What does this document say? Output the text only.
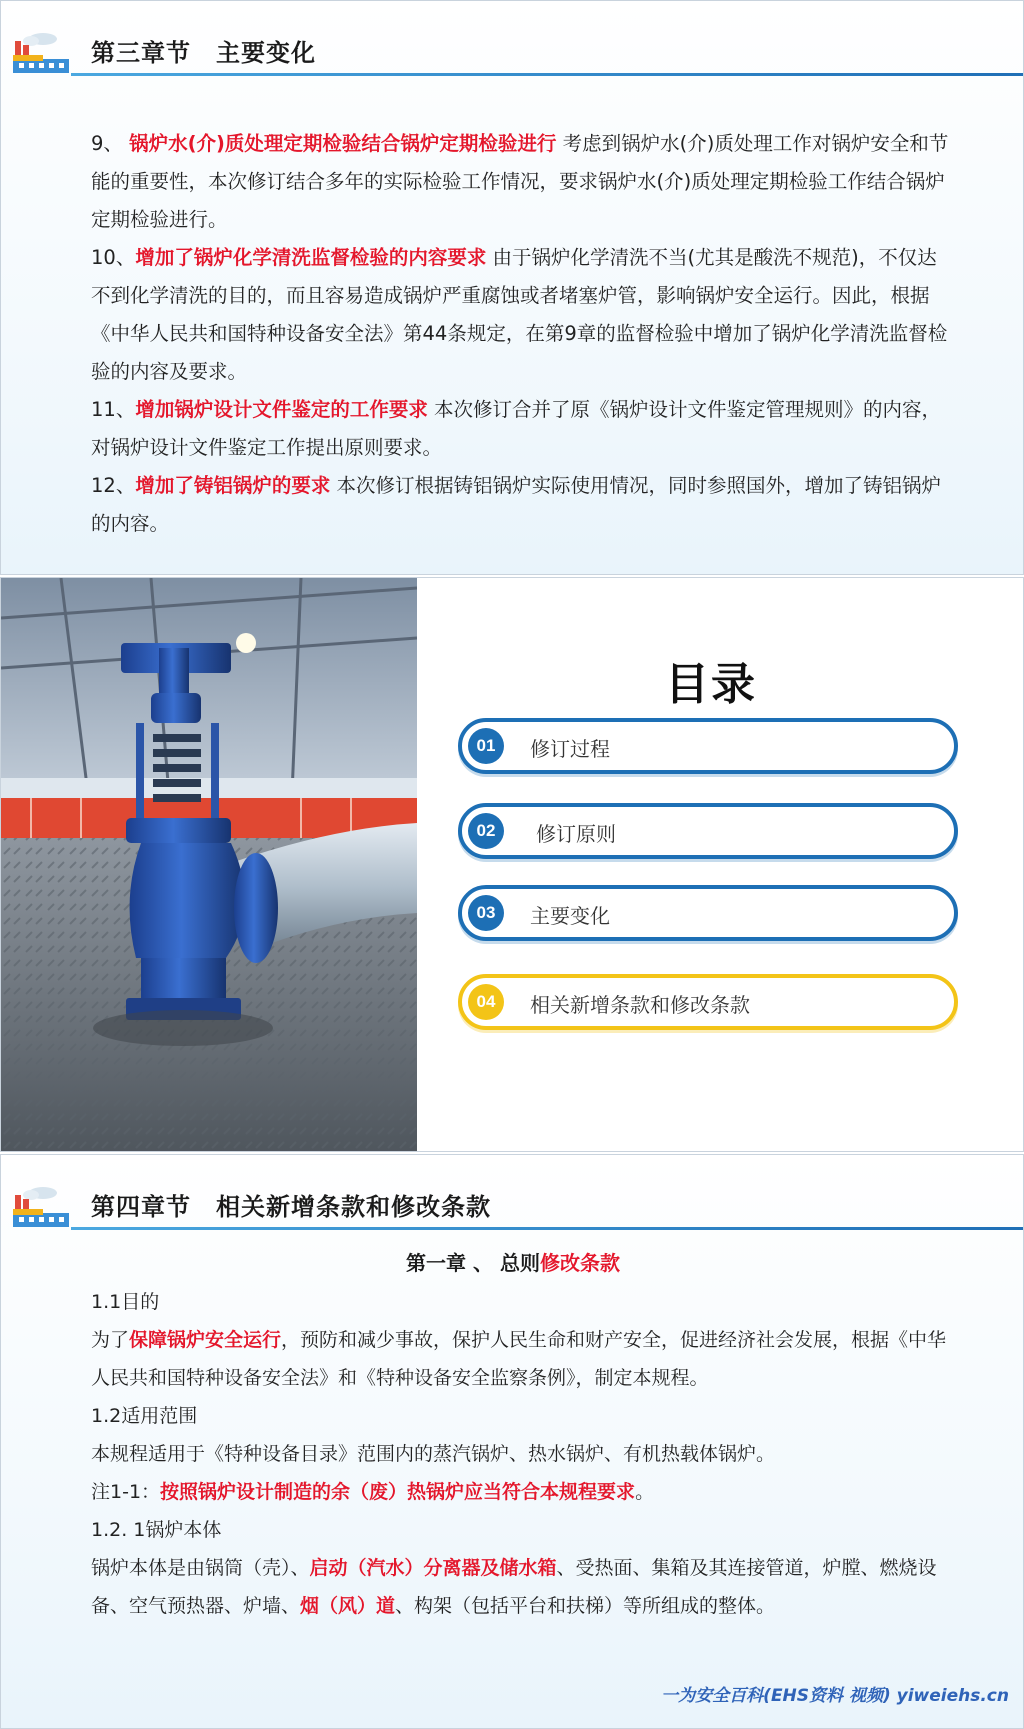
第三章节　主要变化

9、 锅炉水(介)质处理定期检验结合锅炉定期检验进行 考虑到锅炉水(介)质处理工作对锅炉安全和节能的重要性，本次修订结合多年的实际检验工作情况，要求锅炉水(介)质处理定期检验工作结合锅炉定期检验进行。

10、增加了锅炉化学清洗监督检验的内容要求 由于锅炉化学清洗不当(尤其是酸洗不规范)，不仅达不到化学清洗的目的，而且容易造成锅炉严重腐蚀或者堵塞炉管，影响锅炉安全运行。因此，根据《中华人民共和国特种设备安全法》第44条规定，在第9章的监督检验中增加了锅炉化学清洗监督检验的内容及要求。

11、增加锅炉设计文件鉴定的工作要求 本次修订合并了原《锅炉设计文件鉴定管理规则》的内容，对锅炉设计文件鉴定工作提出原则要求。

12、增加了铸铝锅炉的要求 本次修订根据铸铝锅炉实际使用情况，同时参照国外，增加了铸铝锅炉的内容。

目录
01	修订过程
02	修订原则
03	主要变化
04	相关新增条款和修改条款
第四章节　相关新增条款和修改条款
第一章 、 总则修改条款

1.1目的

为了保障锅炉安全运行，预防和减少事故，保护人民生命和财产安全，促进经济社会发展，根据《中华人民共和国特种设备安全法》和《特种设备安全监察条例》，制定本规程。

1.2适用范围

本规程适用于《特种设备目录》范围内的蒸汽锅炉、热水锅炉、有机热载体锅炉。

注1-1：按照锅炉设计制造的余（废）热锅炉应当符合本规程要求。

1.2. 1锅炉本体

锅炉本体是由锅筒（壳）、启动（汽水）分离器及储水箱、受热面、集箱及其连接管道，炉膛、燃烧设备、空气预热器、炉墙、烟（风）道、构架（包括平台和扶梯）等所组成的整体。

一为安全百科(EHS资料 视频) yiweiehs.cn
